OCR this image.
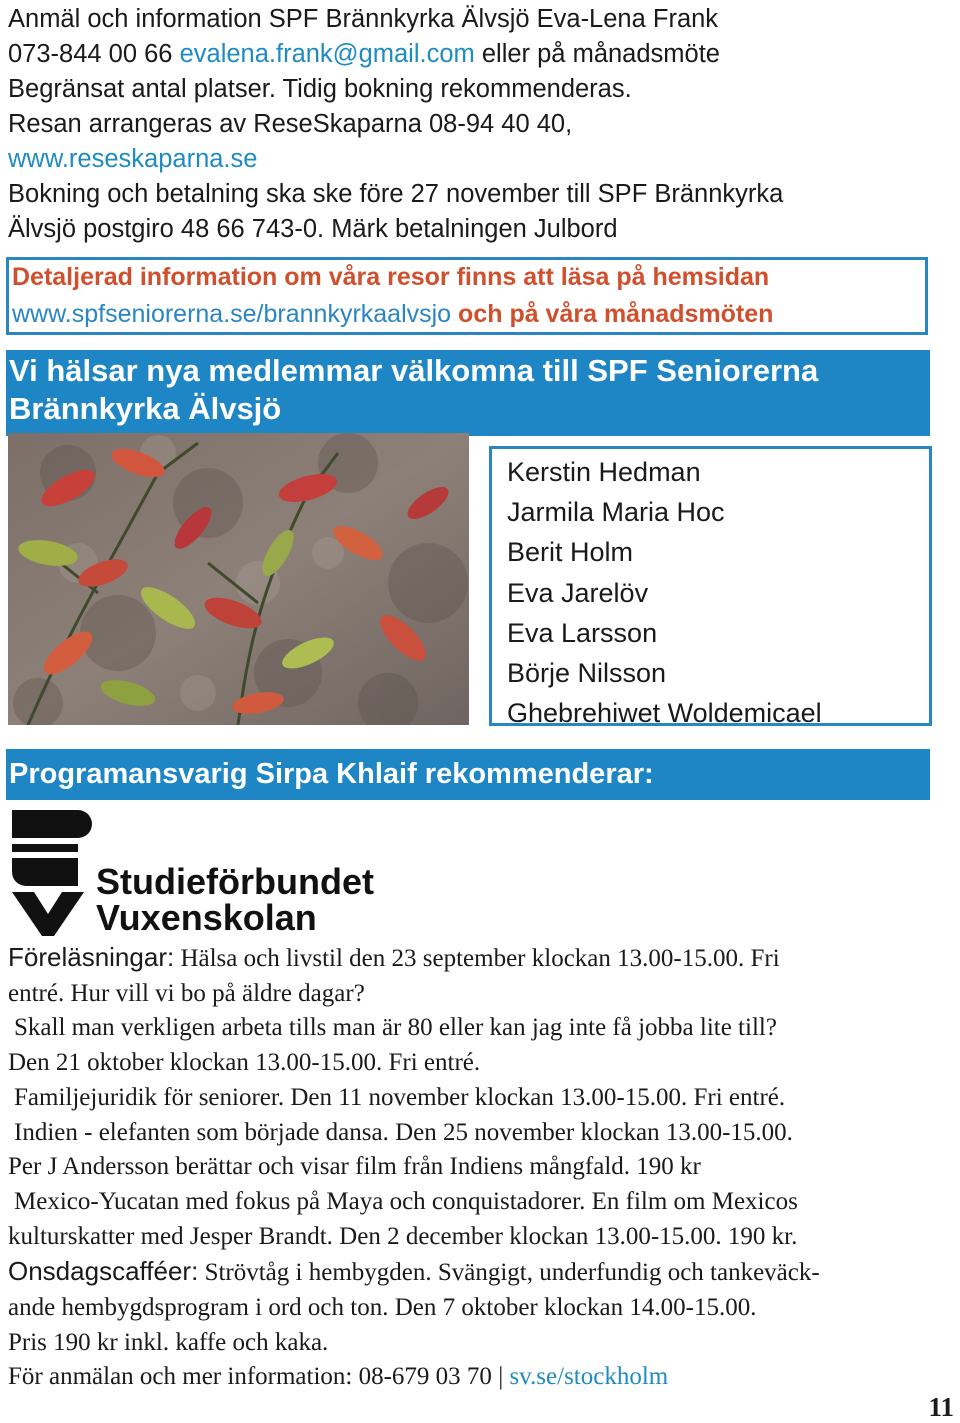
Anmäl och information SPF Brännkyrka Älvsjö Eva-Lena Frank
073-844 00 66 evalena.frank@gmail.com eller på månadsmöte
Begränsat antal platser. Tidig bokning rekommenderas.
Resan arrangeras av ReseSkaparna 08-94 40 40,
www.reseskaparna.se
Bokning och betalning ska ske före 27 november till SPF Brännkyrka
Älvsjö postgiro 48 66 743-0. Märk betalningen Julbord
Detaljerad information om våra resor finns att läsa på hemsidan
www.spfseniorerna.se/brannkyrkaalvsjo och på våra månadsmöten
Vi hälsar nya medlemmar välkomna till SPF Seniorerna
Brännkyrka Älvsjö
Kerstin Hedman
Jarmila Maria Hoc
Berit Holm
Eva Jarelöv
Eva Larsson
Börje Nilsson
Ghebrehiwet Woldemicael
Programansvarig Sirpa Khlaif rekommenderar:
Studieförbundet
Vuxenskolan
Föreläsningar: Hälsa och livstil den 23 september klockan 13.00-15.00. Fri
entré. Hur vill vi bo på äldre dagar?
Skall man verkligen arbeta tills man är 80 eller kan jag inte få jobba lite till?
Den 21 oktober klockan 13.00-15.00. Fri entré.
Familjejuridik för seniorer. Den 11 november klockan 13.00-15.00. Fri entré.
Indien - elefanten som började dansa. Den 25 november klockan 13.00-15.00.
Per J Andersson berättar och visar film från Indiens mångfald. 190 kr
Mexico-Yucatan med fokus på Maya och conquistadorer. En film om Mexicos
kulturskatter med Jesper Brandt. Den 2 december klockan 13.00-15.00. 190 kr.
Onsdagscafféer: Strövtåg i hembygden. Svängigt, underfundig och tankeväck-
ande hembygdsprogram i ord och ton. Den 7 oktober klockan 14.00-15.00.
Pris 190 kr inkl. kaffe och kaka.
För anmälan och mer information: 08-679 03 70 | sv.se/stockholm
11
